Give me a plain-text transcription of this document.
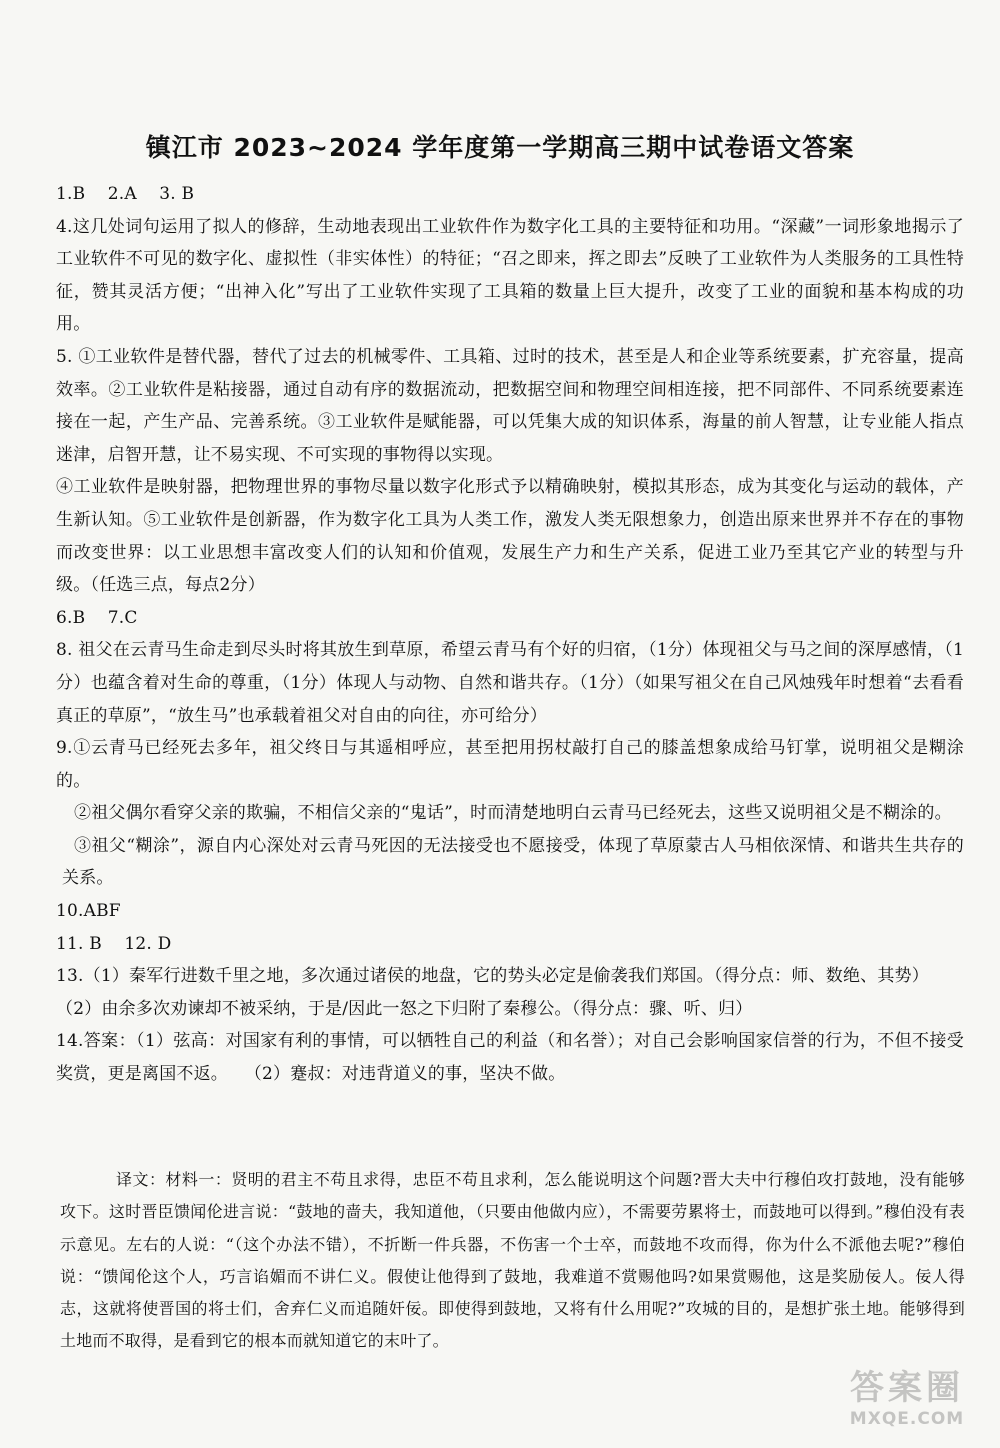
镇江市 2023~2024 学年度第一学期高三期中试卷语文答案

1.B    2.A    3. B

4.这几处词句运用了拟人的修辞，生动地表现出工业软件作为数字化工具的主要特征和功用。“深藏”一词形象地揭示了工业软件不可见的数字化、虚拟性（非实体性）的特征；“召之即来，挥之即去”反映了工业软件为人类服务的工具性特征，赞其灵活方便；“出神入化”写出了工业软件实现了工具箱的数量上巨大提升，改变了工业的面貌和基本构成的功用。

5. ①工业软件是替代器，替代了过去的机械零件、工具箱、过时的技术，甚至是人和企业等系统要素，扩充容量，提高效率。②工业软件是粘接器，通过自动有序的数据流动，把数据空间和物理空间相连接，把不同部件、不同系统要素连接在一起，产生产品、完善系统。③工业软件是赋能器，可以凭集大成的知识体系，海量的前人智慧，让专业能人指点迷津，启智开慧，让不易实现、不可实现的事物得以实现。

④工业软件是映射器，把物理世界的事物尽量以数字化形式予以精确映射，模拟其形态，成为其变化与运动的载体，产生新认知。⑤工业软件是创新器，作为数字化工具为人类工作，激发人类无限想象力，创造出原来世界并不存在的事物而改变世界：以工业思想丰富改变人们的认知和价值观，发展生产力和生产关系，促进工业乃至其它产业的转型与升级。（任选三点，每点2分）

6.B    7.C

8. 祖父在云青马生命走到尽头时将其放生到草原，希望云青马有个好的归宿，（1分）体现祖父与马之间的深厚感情，（1分）也蕴含着对生命的尊重，（1分）体现人与动物、自然和谐共存。（1分）（如果写祖父在自己风烛残年时想着“去看看真正的草原”，“放生马”也承载着祖父对自由的向往，亦可给分）

9.①云青马已经死去多年，祖父终日与其遥相呼应，甚至把用拐杖敲打自己的膝盖想象成给马钉掌，说明祖父是糊涂的。

②祖父偶尔看穿父亲的欺骗，不相信父亲的“鬼话”，时而清楚地明白云青马已经死去，这些又说明祖父是不糊涂的。

③祖父“糊涂”，源自内心深处对云青马死因的无法接受也不愿接受，体现了草原蒙古人马相依深情、和谐共生共存的关系。

10.ABF

11. B    12. D

13.（1）秦军行进数千里之地，多次通过诸侯的地盘，它的势头必定是偷袭我们郑国。（得分点：师、数绝、其势）

（2）由余多次劝谏却不被采纳，于是/因此一怒之下归附了秦穆公。（得分点：骤、听、归）

14.答案：（1）弦高：对国家有利的事情，可以牺牲自己的利益（和名誉）；对自己会影响国家信誉的行为，不但不接受奖赏，更是离国不返。   （2）蹇叔：对违背道义的事，坚决不做。

译文：材料一：贤明的君主不苟且求得，忠臣不苟且求利，怎么能说明这个问题?晋大夫中行穆伯攻打鼓地，没有能够攻下。这时晋臣馈闻伦进言说：“鼓地的啬夫，我知道他，（只要由他做内应），不需要劳累将士，而鼓地可以得到。”穆伯没有表示意见。左右的人说：“（这个办法不错），不折断一件兵器，不伤害一个士卒，而鼓地不攻而得，你为什么不派他去呢?”穆伯说：“馈闻伦这个人，巧言谄媚而不讲仁义。假使让他得到了鼓地，我难道不赏赐他吗?如果赏赐他，这是奖励佞人。佞人得志，这就将使晋国的将士们，舍弃仁义而追随奸佞。即使得到鼓地，又将有什么用呢?”攻城的目的，是想扩张土地。能够得到土地而不取得，是看到它的根本而就知道它的末叶了。

答案圈
MXQE.COM
